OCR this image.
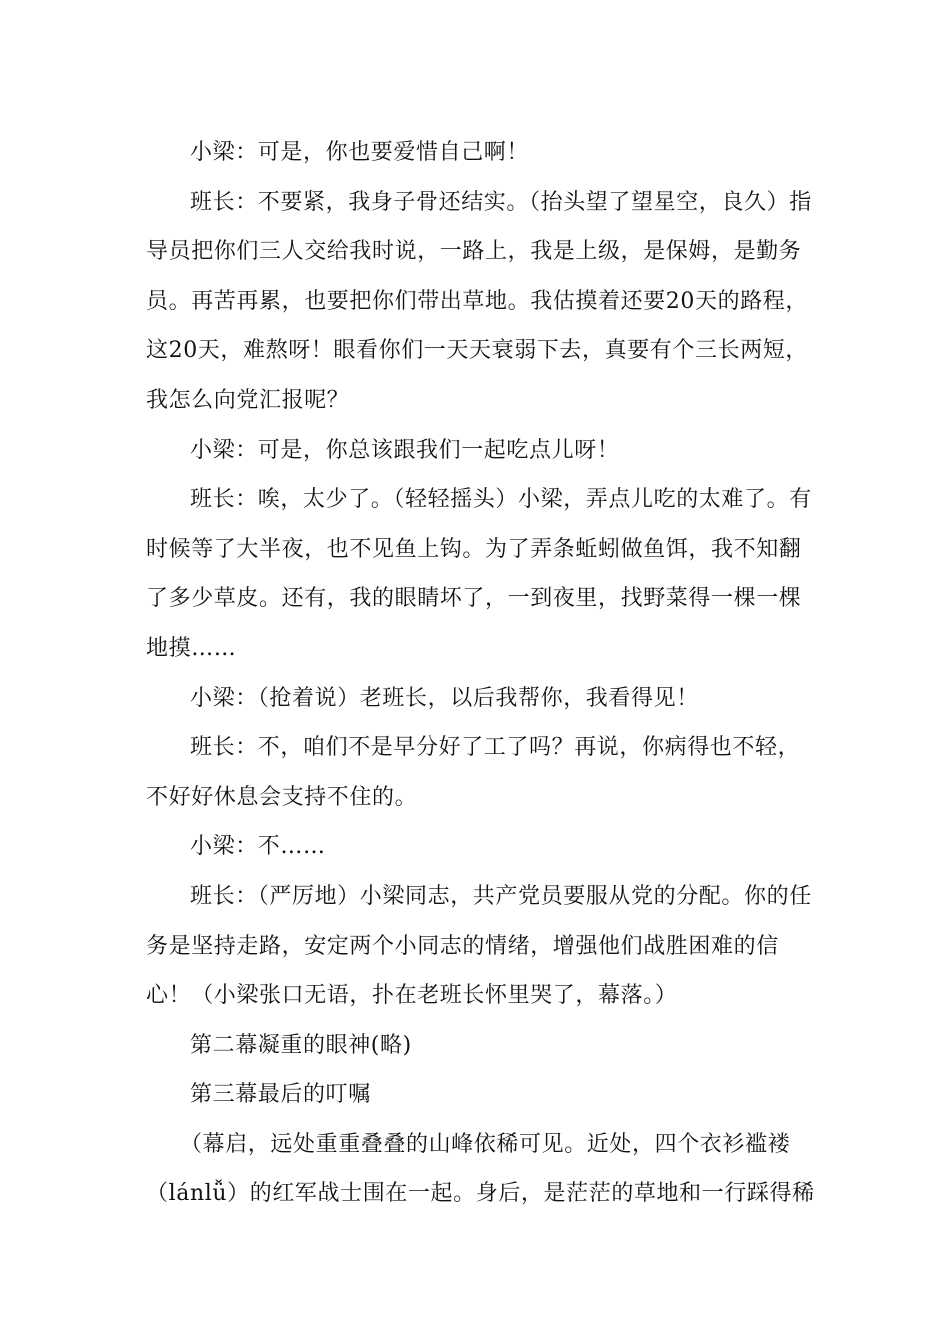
小梁：可是，你也要爱惜自己啊！

班长：不要紧，我身子骨还结实。（抬头望了望星空，良久）指导员把你们三人交给我时说，一路上，我是上级，是保姆，是勤务员。再苦再累，也要把你们带出草地。我估摸着还要20天的路程，这20天，难熬呀！眼看你们一天天衰弱下去，真要有个三长两短，我怎么向党汇报呢？

小梁：可是，你总该跟我们一起吃点儿呀！

班长：唉，太少了。（轻轻摇头）小梁，弄点儿吃的太难了。有时候等了大半夜，也不见鱼上钩。为了弄条蚯蚓做鱼饵，我不知翻了多少草皮。还有，我的眼睛坏了，一到夜里，找野菜得一棵一棵地摸……

小梁：（抢着说）老班长，以后我帮你，我看得见！

班长：不，咱们不是早分好了工了吗？再说，你病得也不轻，不好好休息会支持不住的。

小梁：不……

班长：（严厉地）小梁同志，共产党员要服从党的分配。你的任务是坚持走路，安定两个小同志的情绪，增强他们战胜困难的信心！（小梁张口无语，扑在老班长怀里哭了，幕落。）

第二幕凝重的眼神(略)

第三幕最后的叮嘱

（幕启，远处重重叠叠的山峰依稀可见。近处，四个衣衫褴褛（lánlǚ）的红军战士围在一起。身后，是茫茫的草地和一行踩得稀
